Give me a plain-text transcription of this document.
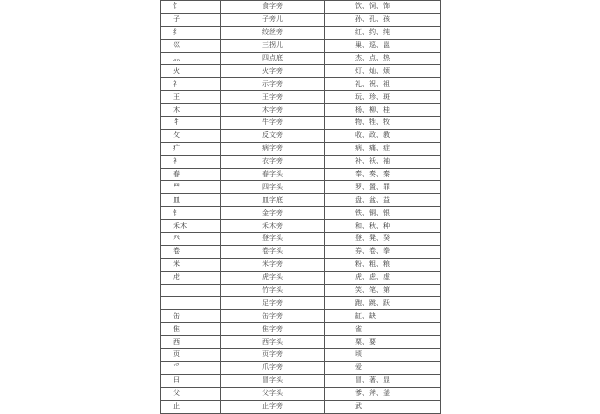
饣	食字旁	饮、饲、饰
子	子旁儿	孙、孔、孩
纟	绞丝旁	红、约、纯
巛	三拐儿	巢、巡、邕
灬	四点底	杰、点、热
火	火字旁	灯、灿、烦
礻	示字旁	礼、祝、祖
王	王字旁	玩、珍、斑
木	木字旁	杨、柳、桂
牜	牛字旁	物、牲、牧
攵	反文旁	收、政、教
疒	病字旁	病、痛、症
衤	衣字旁	补、袄、袖
春	春字头	奉、奏、秦
罒	四字头	罗、置、罪
皿	皿字底	盘、盆、益
钅	金字旁	铁、铜、银
禾木	禾木旁	和、秋、种
癶	登字头	登、凳、癸
卷	卷字头	券、卷、拳
米	米字旁	粉、粗、粮
虍	虎字头	虎、虑、虚
	竹字头	笑、笔、第
	足字旁	跑、跳、跃
缶	缶字旁	缸、缺
隹	隹字旁	雀
西	西字头	栗、要
页	页字旁	顷
爫	爪字旁	爱
曰	冒字头	冒、著、显
父	父字头	爹、斧、釜
止	止字旁	武
